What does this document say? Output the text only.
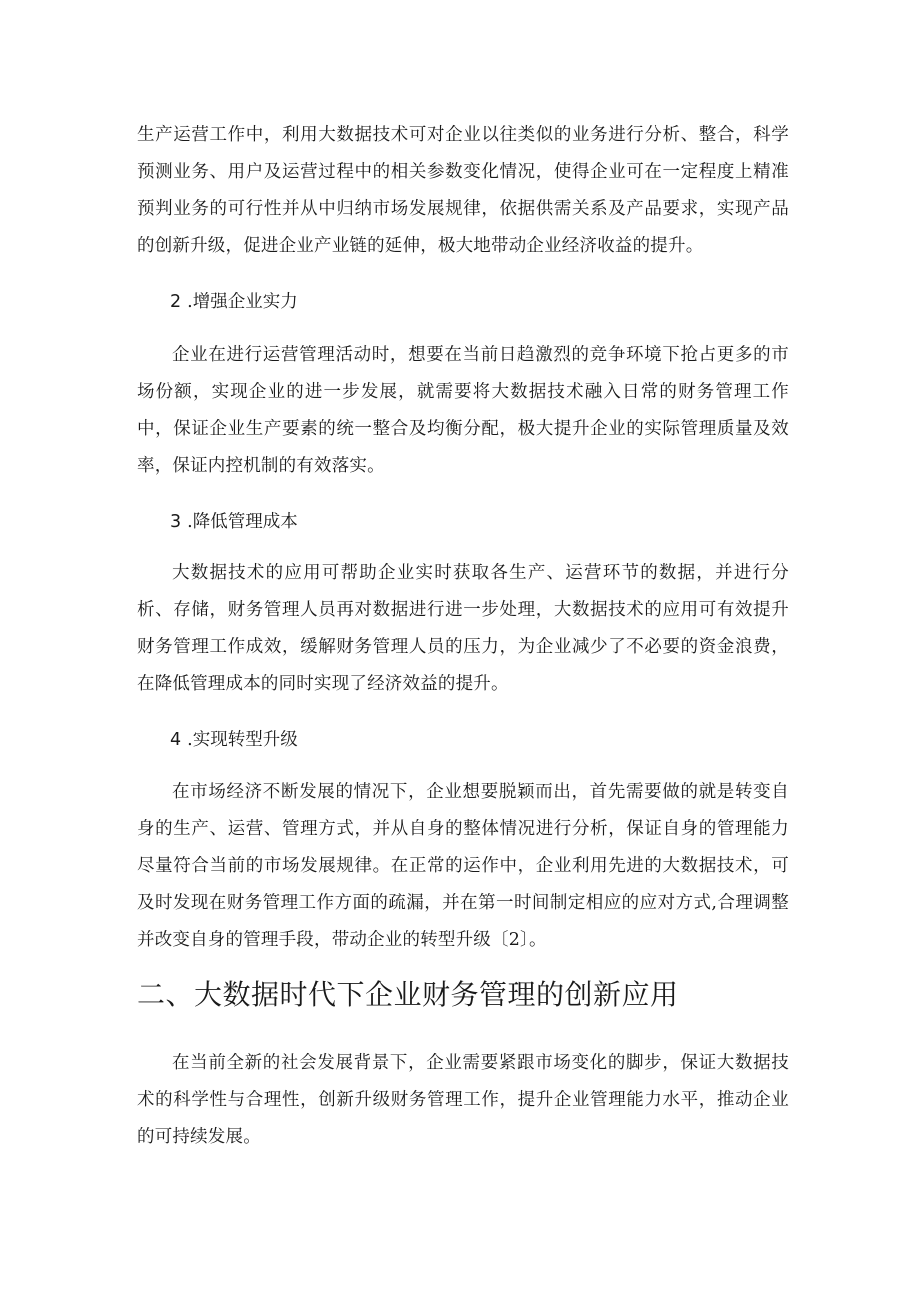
生产运营工作中，利用大数据技术可对企业以往类似的业务进行分析、整合，科学预测业务、用户及运营过程中的相关参数变化情况，使得企业可在一定程度上精准预判业务的可行性并从中归纳市场发展规律，依据供需关系及产品要求，实现产品的创新升级，促进企业产业链的延伸，极大地带动企业经济收益的提升。

2 .增强企业实力

企业在进行运营管理活动时，想要在当前日趋激烈的竞争环境下抢占更多的市场份额，实现企业的进一步发展，就需要将大数据技术融入日常的财务管理工作中，保证企业生产要素的统一整合及均衡分配，极大提升企业的实际管理质量及效率，保证内控机制的有效落实。

3 .降低管理成本

大数据技术的应用可帮助企业实时获取各生产、运营环节的数据，并进行分析、存储，财务管理人员再对数据进行进一步处理，大数据技术的应用可有效提升财务管理工作成效，缓解财务管理人员的压力，为企业减少了不必要的资金浪费，在降低管理成本的同时实现了经济效益的提升。

4 .实现转型升级

在市场经济不断发展的情况下，企业想要脱颖而出，首先需要做的就是转变自身的生产、运营、管理方式，并从自身的整体情况进行分析，保证自身的管理能力尽量符合当前的市场发展规律。在正常的运作中，企业利用先进的大数据技术，可及时发现在财务管理工作方面的疏漏，并在第一时间制定相应的应对方式,合理调整并改变自身的管理手段，带动企业的转型升级〔2〕。

二、大数据时代下企业财务管理的创新应用

在当前全新的社会发展背景下，企业需要紧跟市场变化的脚步，保证大数据技术的科学性与合理性，创新升级财务管理工作，提升企业管理能力水平，推动企业的可持续发展。
